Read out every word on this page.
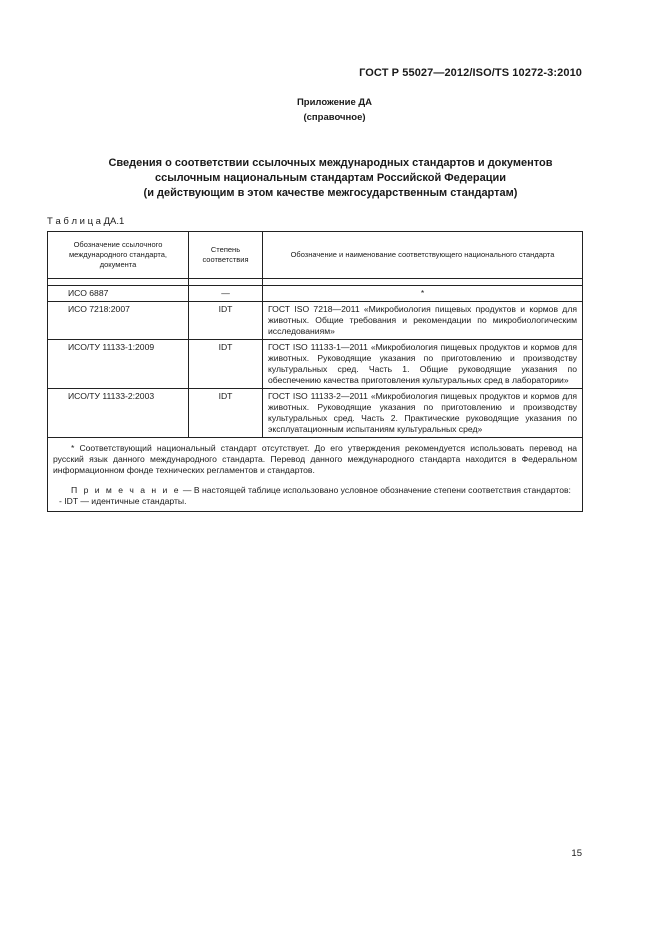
ГОСТ Р 55027—2012/ISO/TS 10272-3:2010
Приложение ДА
(справочное)
Сведения о соответствии ссылочных международных стандартов и документов
ссылочным национальным стандартам Российской Федерации
(и действующим в этом качестве межгосударственным стандартам)
Т а б л и ц а ДА.1
Обозначение ссылочного международного стандарта, документа	Степень соответствия	Обозначение и наименование соответствующего национального стандарта

ИСО 6887	—	*
ИСО 7218:2007	IDT	ГОСТ ISO 7218—2011 «Микробиология пищевых продуктов и кормов для животных. Общие требования и рекомендации по микробиологическим исследованиям»
ИСО/ТУ 11133-1:2009	IDT	ГОСТ ISO 11133-1—2011 «Микробиология пищевых продуктов и кормов для животных. Руководящие указания по приготовлению и производству культуральных сред. Часть 1. Общие руководящие указания по обеспечению качества приготовления культуральных сред в лаборатории»
ИСО/ТУ 11133-2:2003	IDT	ГОСТ ISO 11133-2—2011 «Микробиология пищевых продуктов и кормов для животных. Руководящие указания по приготовлению и производству культуральных сред. Часть 2. Практические руководящие указания по эксплуатационным испытаниям культуральных сред»

* Соответствующий национальный стандарт отсутствует. До его утверждения рекомендуется использовать перевод на русский язык данного международного стандарта. Перевод данного международного стандарта находится в Федеральном информационном фонде технических регламентов и стандартов.

П р и м е ч а н и е — В настоящей таблице использовано условное обозначение степени соответствия стандартов:

- IDT — идентичные стандарты.		

15
